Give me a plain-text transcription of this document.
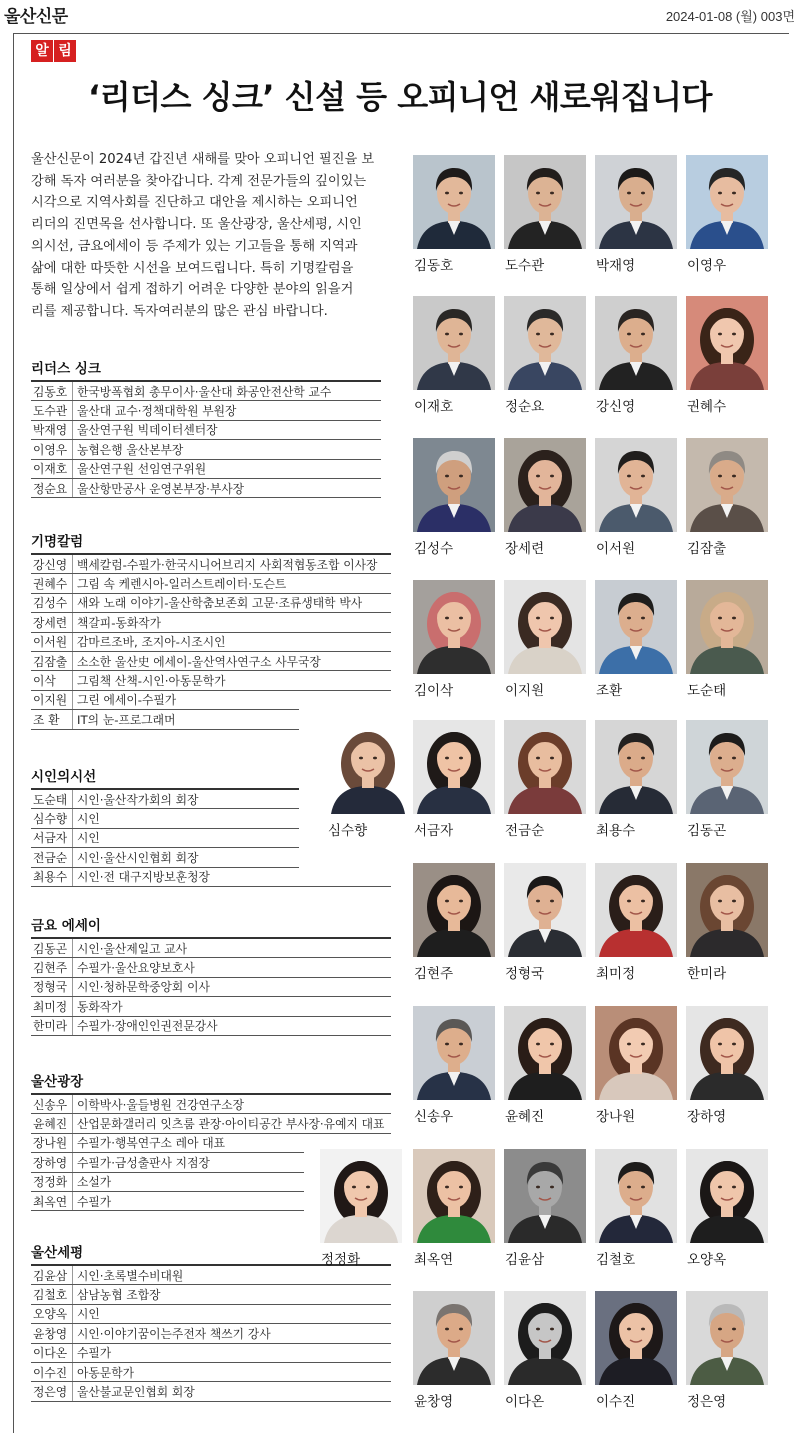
울산신문	2024-01-08 (월) 003면
알 림
‘리더스 싱크’ 신설 등 오피니언 새로워집니다

울산신문이 2024년 갑진년 새해를 맞아 오피니언 필진을 보

강해 독자 여러분을 찾아갑니다. 각계 전문가들의 깊이있는

시각으로 지역사회를 진단하고 대안을 제시하는 오피니언

리더의 진면목을 선사합니다. 또 울산광장, 울산세평, 시인

의시선, 금요에세이 등 주제가 있는 기고들을 통해 지역과

삶에 대한 따뜻한 시선을 보여드립니다. 특히 기명칼럼을

통해 일상에서 쉽게 접하기 어려운 다양한 분야의 읽을거

리를 제공합니다. 독자여러분의 많은 관심 바랍니다.

리더스 싱크
김동호 한국방폭협회 총무이사·울산대 화공안전산학 교수
도수관 울산대 교수·정책대학원 부원장
박재영 울산연구원 빅데이터센터장
이영우 농협은행 울산본부장
이재호 울산연구원 선임연구위원
정순요 울산항만공사 운영본부장·부사장
기명칼럼
강신영 백세칼럼-수필가·한국시니어브리지 사회적협동조합 이사장
권혜수 그림 속 케렌시아-일러스트레이터·도슨트
김성수 새와 노래 이야기-울산학춤보존회 고문·조류생태학 박사
장세련 책갈피-동화작가
이서원 감마르조바, 조지아-시조시인
김잠출 소소한 울산史 에세이-울산역사연구소 사무국장
이삭	그림책 산책-시인·아동문학가
이지원 그린 에세이-수필가
조 환	IT의 눈-프로그래머
시인의시선
도순태 시인·울산작가회의 회장
심수향 시인
서금자 시인
전금순 시인·울산시인협회 회장
최용수 시인·전 대구지방보훈청장
금요 에세이
김동곤 시인·울산제일고 교사
김현주 수필가·울산요양보호사
정형국 시인·청하문학중앙회 이사
최미정 동화작가
한미라 수필가·장애인인권전문강사
울산광장
신송우 이학박사·울들병원 건강연구소장
윤혜진 산업문화갤러리 잇츠룸 관장·아이티공간 부사장·유예지 대표
장나원 수필가·행복연구소 레아 대표
장하영 수필가·금성출판사 지점장
정정화 소설가
최옥연 수필가
울산세평
김윤삼 시인·초록별수비대원
김철호 삼남농협 조합장
오양옥 시인
윤창영 시인·이야기꿈이는주전자 책쓰기 강사
이다온 수필가
이수진 아동문학가
정은영 울산불교문인협회 회장
김동호	도수관	박재영	이영우
이재호	정순요	강신영	권혜수
김성수	장세련	이서원	김잠출
김이삭	이지원	조환	도순태
심수향	서금자	전금순	최용수	김동곤
김현주	정형국	최미정	한미라
신송우	윤혜진	장나원	장하영
정정화	최옥연	김윤삼	김철호	오양옥
윤창영	이다온	이수진	정은영
